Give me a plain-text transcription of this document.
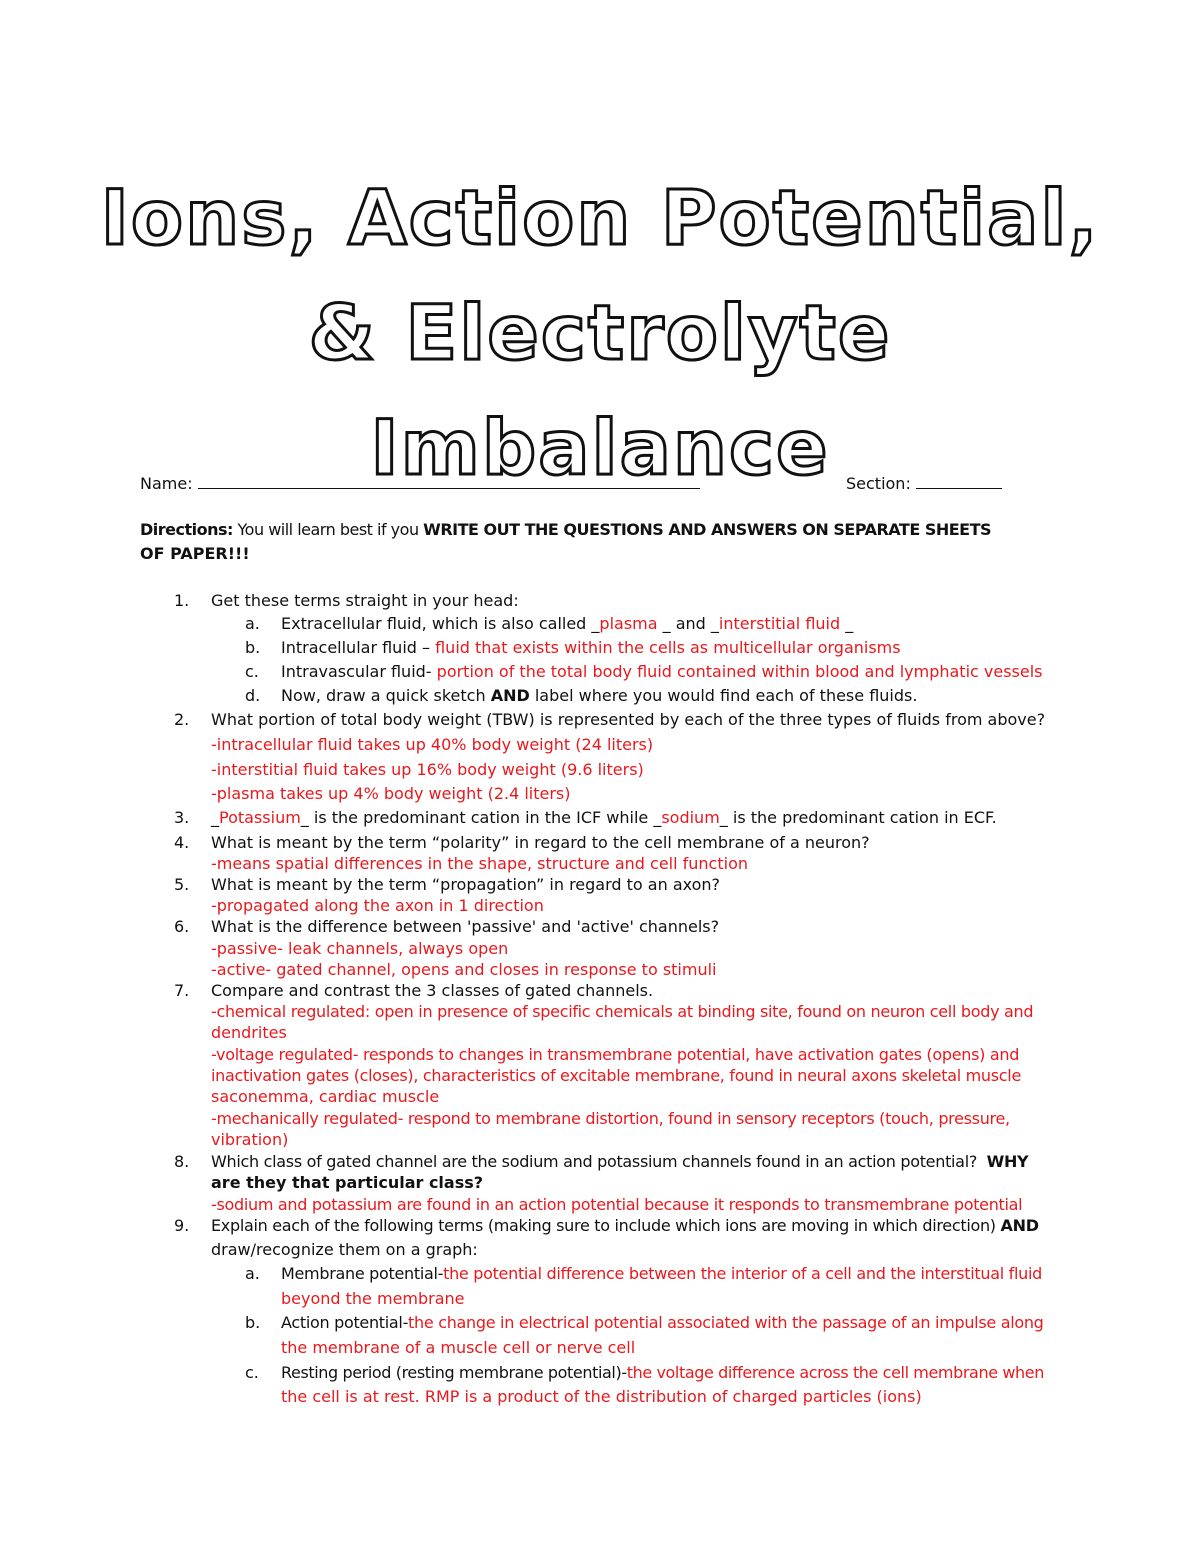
Ions, Action Potential,
& Electrolyte
Imbalance
Name:	Section:
Directions: You will learn best if you WRITE OUT THE QUESTIONS AND ANSWERS ON SEPARATE SHEETS
OF PAPER!!!
1. Get these terms straight in your head:
a. Extracellular fluid, which is also called _plasma _ and _interstitial fluid _
b. Intracellular fluid – fluid that exists within the cells as multicellular organisms
c. Intravascular fluid- portion of the total body fluid contained within blood and lymphatic vessels
d. Now, draw a quick sketch AND label where you would find each of these fluids.
2. What portion of total body weight (TBW) is represented by each of the three types of fluids from above?
-intracellular fluid takes up 40% body weight (24 liters)
-interstitial fluid takes up 16% body weight (9.6 liters)
-plasma takes up 4% body weight (2.4 liters)
3. _Potassium_ is the predominant cation in the ICF while _sodium_ is the predominant cation in ECF.
4. What is meant by the term “polarity” in regard to the cell membrane of a neuron?
-means spatial differences in the shape, structure and cell function
5. What is meant by the term “propagation” in regard to an axon?
-propagated along the axon in 1 direction
6. What is the difference between 'passive' and 'active' channels?
-passive- leak channels, always open
-active- gated channel, opens and closes in response to stimuli
7. Compare and contrast the 3 classes of gated channels.
-chemical regulated: open in presence of specific chemicals at binding site, found on neuron cell body and
dendrites
-voltage regulated- responds to changes in transmembrane potential, have activation gates (opens) and
inactivation gates (closes), characteristics of excitable membrane, found in neural axons skeletal muscle
saconemma, cardiac muscle
-mechanically regulated- respond to membrane distortion, found in sensory receptors (touch, pressure,
vibration)
8. Which class of gated channel are the sodium and potassium channels found in an action potential? WHY
are they that particular class?
-sodium and potassium are found in an action potential because it responds to transmembrane potential
9. Explain each of the following terms (making sure to include which ions are moving in which direction) AND
draw/recognize them on a graph:
a. Membrane potential-the potential difference between the interior of a cell and the interstitual fluid
beyond the membrane
b. Action potential-the change in electrical potential associated with the passage of an impulse along
the membrane of a muscle cell or nerve cell
c. Resting period (resting membrane potential)-the voltage difference across the cell membrane when
the cell is at rest. RMP is a product of the distribution of charged particles (ions)
